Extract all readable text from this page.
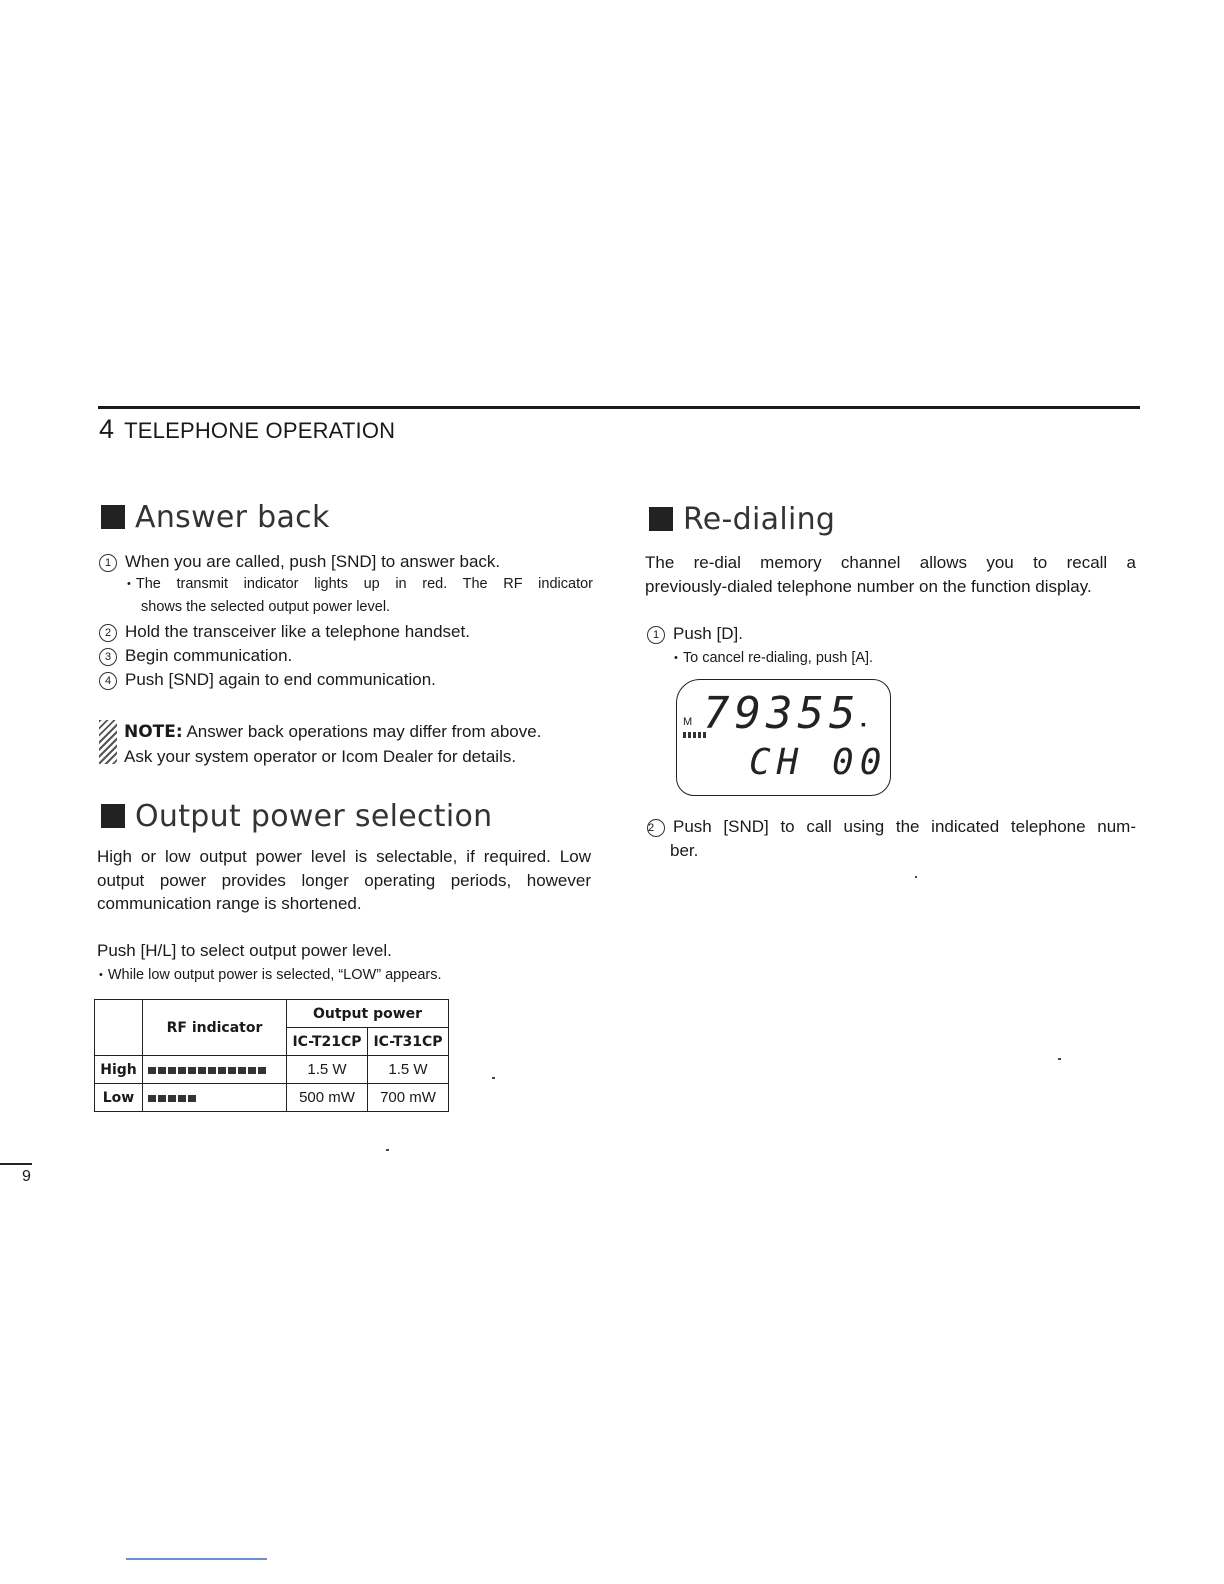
4 TELEPHONE OPERATION
Answer back
1 When you are called, push [SND] to answer back.
• The transmit indicator lights up in red. The RF indicator
shows the selected output power level.
2 Hold the transceiver like a telephone handset.
3 Begin communication.
4 Push [SND] again to end communication.
NOTE: Answer back operations may differ from above.
Ask your system operator or Icom Dealer for details.
Output power selection
High or low output power level is selectable, if required. Low
output power provides longer operating periods, however
communication range is shortened.
Push [H/L] to select output power level.
• While low output power is selected, “LOW” appears.
	RF indicator	Output power	
		IC-T21CP	IC-T31CP
High		1.5 W	1.5 W
Low		500 mW	700 mW
Re-dialing
The re-dial memory channel allows you to recall a
previously-dialed telephone number on the function display.
1 Push [D].
• To cancel re-dialing, push [A].
M 79355 ▪
CH 00
2 Push [SND] to call using the indicated telephone num-
ber.
9
